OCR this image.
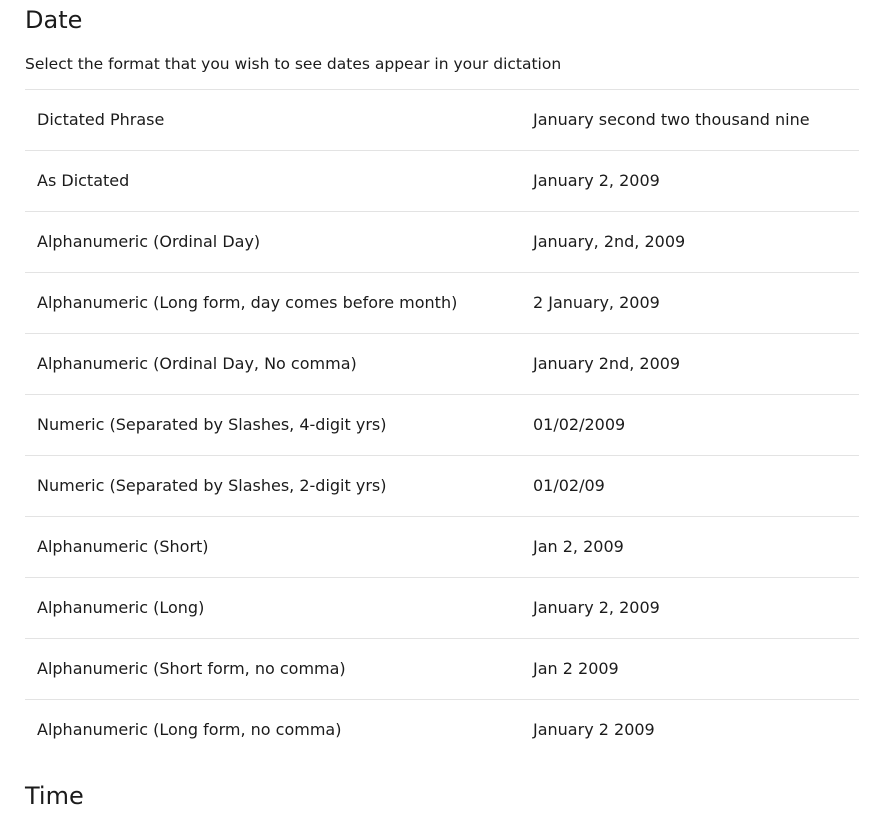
Date

Select the format that you wish to see dates appear in your dictation

Dictated Phrase	January second two thousand nine
As Dictated	January 2, 2009
Alphanumeric (Ordinal Day)	January, 2nd, 2009
Alphanumeric (Long form, day comes before month)	2 January, 2009
Alphanumeric (Ordinal Day, No comma)	January 2nd, 2009
Numeric (Separated by Slashes, 4-digit yrs)	01/02/2009
Numeric (Separated by Slashes, 2-digit yrs)	01/02/09
Alphanumeric (Short)	Jan 2, 2009
Alphanumeric (Long)	January 2, 2009
Alphanumeric (Short form, no comma)	Jan 2 2009
Alphanumeric (Long form, no comma)	January 2 2009
Time
